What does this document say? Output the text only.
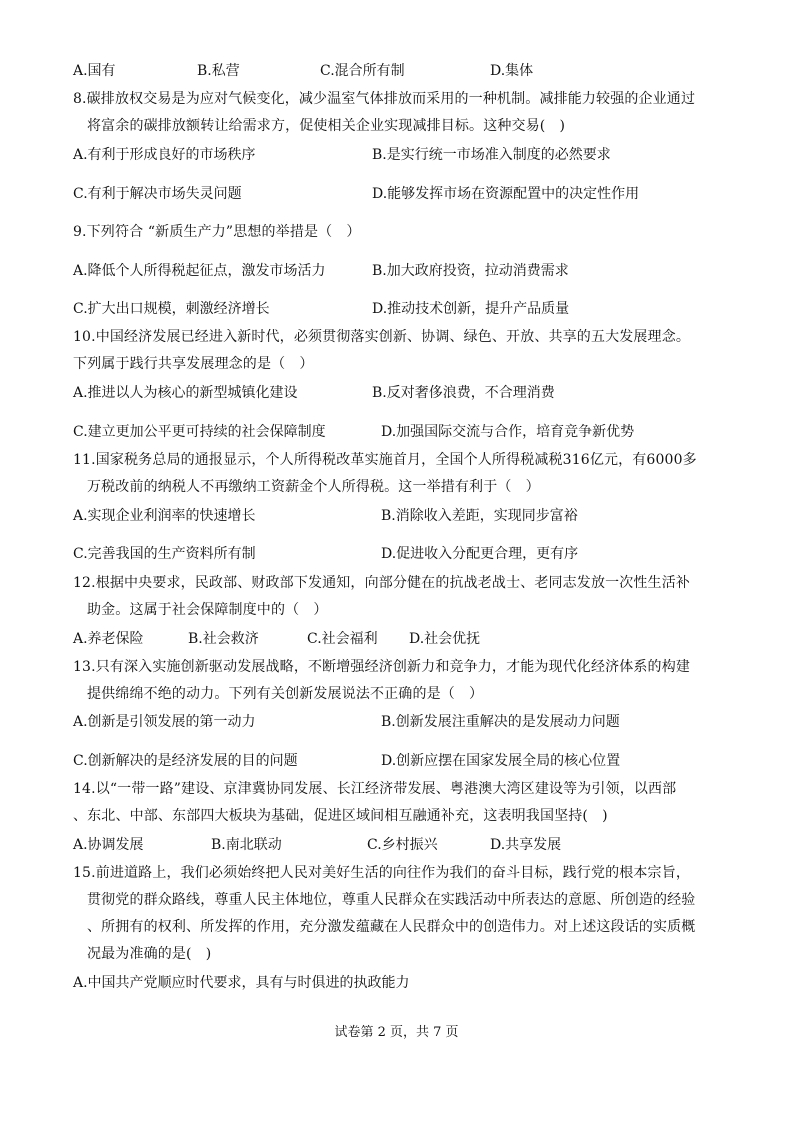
A.国有	B.私营	C.混合所有制	D.集体
8.碳排放权交易是为应对气候变化，减少温室气体排放而采用的一种机制。减排能力较强的企业通过
将富余的碳排放额转让给需求方，促使相关企业实现减排目标。这种交易(　)
A.有利于形成良好的市场秩序	B.是实行统一市场准入制度的必然要求
C.有利于解决市场失灵问题	D.能够发挥市场在资源配置中的决定性作用
9.下列符合 “新质生产力”思想的举措是（　）
A.降低个人所得税起征点，激发市场活力	B.加大政府投资，拉动消费需求
C.扩大出口规模，刺激经济增长	D.推动技术创新，提升产品质量
10.中国经济发展已经进入新时代，必须贯彻落实创新、协调、绿色、开放、共享的五大发展理念。
下列属于践行共享发展理念的是（　）
A.推进以人为核心的新型城镇化建设	B.反对奢侈浪费，不合理消费
C.建立更加公平更可持续的社会保障制度	D.加强国际交流与合作，培育竞争新优势
11.国家税务总局的通报显示，个人所得税改革实施首月，全国个人所得税减税316亿元，有6000多
万税改前的纳税人不再缴纳工资薪金个人所得税。这一举措有利于（　）
A.实现企业利润率的快速增长	B.消除收入差距，实现同步富裕
C.完善我国的生产资料所有制	D.促进收入分配更合理，更有序
12.根据中央要求，民政部、财政部下发通知，向部分健在的抗战老战士、老同志发放一次性生活补
助金。这属于社会保障制度中的（　）
A.养老保险	B.社会救济	C.社会福利 D.社会优抚
13.只有深入实施创新驱动发展战略，不断增强经济创新力和竞争力，才能为现代化经济体系的构建
提供绵绵不绝的动力。下列有关创新发展说法不正确的是（　）
A.创新是引领发展的第一动力	B.创新发展注重解决的是发展动力问题
C.创新解决的是经济发展的目的问题	D.创新应摆在国家发展全局的核心位置
14.以“一带一路”建设、京津冀协同发展、长江经济带发展、粤港澳大湾区建设等为引领，以西部
、东北、中部、东部四大板块为基础，促进区域间相互融通补充，这表明我国坚持(　)
A.协调发展	B.南北联动	C.乡村振兴	D.共享发展
15.前进道路上，我们必须始终把人民对美好生活的向往作为我们的奋斗目标，践行党的根本宗旨，
贯彻党的群众路线，尊重人民主体地位，尊重人民群众在实践活动中所表达的意愿、所创造的经验
、所拥有的权利、所发挥的作用，充分激发蕴藏在人民群众中的创造伟力。对上述这段话的实质概
况最为准确的是(　)
A.中国共产党顺应时代要求，具有与时俱进的执政能力
试卷第 2 页，共 7 页
